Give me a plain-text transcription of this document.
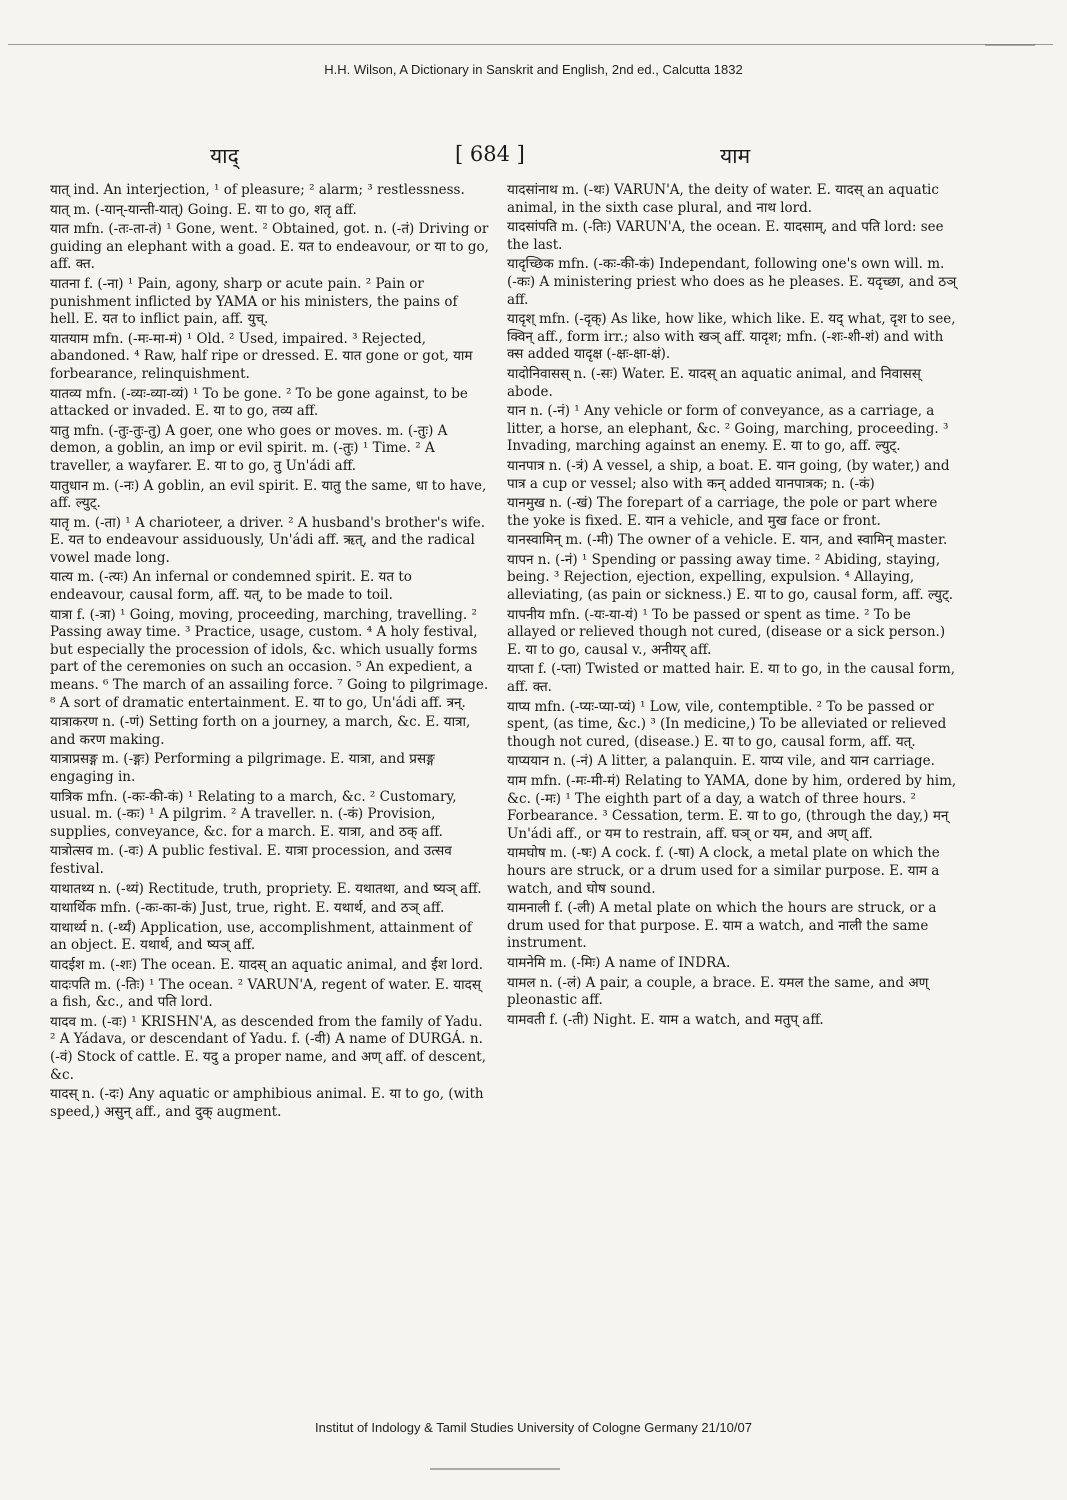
H.H. Wilson, A Dictionary in Sanskrit and English, 2nd ed., Calcutta 1832
याद्	[ 684 ]	याम
यात् ind. An interjection, ¹ of pleasure; ² alarm; ³ restlessness.
यात् m. (-यान्-यान्ती-यात्) Going. E. या to go, शतृ aff.
यात mfn. (-तः-ता-तं) ¹ Gone, went. ² Obtained, got. n. (-तं) Driving or guiding an elephant with a goad. E. यत to endeavour, or या to go, aff. क्त.
यातना f. (-ना) ¹ Pain, agony, sharp or acute pain. ² Pain or punishment inflicted by YAMA or his ministers, the pains of hell. E. यत to inflict pain, aff. युच्.
यातयाम mfn. (-मः-मा-मं) ¹ Old. ² Used, impaired. ³ Rejected, abandoned. ⁴ Raw, half ripe or dressed. E. यात gone or got, याम forbearance, relinquishment.
यातव्य mfn. (-व्यः-व्या-व्यं) ¹ To be gone. ² To be gone against, to be attacked or invaded. E. या to go, तव्य aff.
यातु mfn. (-तुः-तुः-तु) A goer, one who goes or moves. m. (-तुः) A demon, a goblin, an imp or evil spirit. m. (-तुः) ¹ Time. ² A traveller, a wayfarer. E. या to go, तु Un'ádi aff.
यातुधान m. (-नः) A goblin, an evil spirit. E. यातु the same, धा to have, aff. ल्युट्.
यातृ m. (-ता) ¹ A charioteer, a driver. ² A husband's brother's wife. E. यत to endeavour assiduously, Un'ádi aff. ऋत्, and the radical vowel made long.
यात्य m. (-त्यः) An infernal or condemned spirit. E. यत to endeavour, causal form, aff. यत्, to be made to toil.
यात्रा f. (-त्रा) ¹ Going, moving, proceeding, marching, travelling. ² Passing away time. ³ Practice, usage, custom. ⁴ A holy festival, but especially the procession of idols, &c. which usually forms part of the ceremonies on such an occasion. ⁵ An expedient, a means. ⁶ The march of an assailing force. ⁷ Going to pilgrimage. ⁸ A sort of dramatic entertainment. E. या to go, Un'ádi aff. त्रन्.
यात्राकरण n. (-णं) Setting forth on a journey, a march, &c. E. यात्रा, and करण making.
यात्राप्रसङ्ग m. (-ङ्गः) Performing a pilgrimage. E. यात्रा, and प्रसङ्ग engaging in.
यात्रिक mfn. (-कः-की-कं) ¹ Relating to a march, &c. ² Customary, usual. m. (-कः) ¹ A pilgrim. ² A traveller. n. (-कं) Provision, supplies, conveyance, &c. for a march. E. यात्रा, and ठक् aff.
यात्रोत्सव m. (-वः) A public festival. E. यात्रा procession, and उत्सव festival.
याथातथ्य n. (-थ्यं) Rectitude, truth, propriety. E. यथातथा, and ष्यञ् aff.
याथार्थिक mfn. (-कः-का-कं) Just, true, right. E. यथार्थ, and ठञ् aff.
याथार्थ्य n. (-र्थ्यं) Application, use, accomplishment, attainment of an object. E. यथार्थ, and ष्यञ् aff.
यादईश m. (-शः) The ocean. E. यादस् an aquatic animal, and ईश lord.
यादःपति m. (-तिः) ¹ The ocean. ² VARUN'A, regent of water. E. यादस् a fish, &c., and पति lord.
यादव m. (-वः) ¹ KRISHN'A, as descended from the family of Yadu. ² A Yádava, or descendant of Yadu. f. (-वी) A name of DURGÁ. n. (-वं) Stock of cattle. E. यदु a proper name, and अण् aff. of descent, &c.
यादस् n. (-दः) Any aquatic or amphibious animal. E. या to go, (with speed,) असुन् aff., and दुक् augment.
यादसांनाथ m. (-थः) VARUN'A, the deity of water. E. यादस् an aquatic animal, in the sixth case plural, and नाथ lord.
यादसांपति m. (-तिः) VARUN'A, the ocean. E. यादसाम्, and पति lord: see the last.
यादृच्छिक mfn. (-कः-की-कं) Independant, following one's own will. m. (-कः) A ministering priest who does as he pleases. E. यदृच्छा, and ठञ् aff.
यादृश् mfn. (-दृक्) As like, how like, which like. E. यद् what, दृश to see, क्विन् aff., form irr.; also with खञ् aff. यादृश; mfn. (-शः-शी-शं) and with क्स added यादृक्ष (-क्षः-क्षा-क्षं).
यादोनिवासस् n. (-सः) Water. E. यादस् an aquatic animal, and निवासस् abode.
यान n. (-नं) ¹ Any vehicle or form of conveyance, as a carriage, a litter, a horse, an elephant, &c. ² Going, marching, proceeding. ³ Invading, marching against an enemy. E. या to go, aff. ल्युट्.
यानपात्र n. (-त्रं) A vessel, a ship, a boat. E. यान going, (by water,) and पात्र a cup or vessel; also with कन् added यानपात्रक; n. (-कं)
यानमुख n. (-खं) The forepart of a carriage, the pole or part where the yoke is fixed. E. यान a vehicle, and मुख face or front.
यानस्वामिन् m. (-मी) The owner of a vehicle. E. यान, and स्वामिन् master.
यापन n. (-नं) ¹ Spending or passing away time. ² Abiding, staying, being. ³ Rejection, ejection, expelling, expulsion. ⁴ Allaying, alleviating, (as pain or sickness.) E. या to go, causal form, aff. ल्युट्.
यापनीय mfn. (-यः-या-यं) ¹ To be passed or spent as time. ² To be allayed or relieved though not cured, (disease or a sick person.) E. या to go, causal v., अनीयर् aff.
याप्ता f. (-प्ता) Twisted or matted hair. E. या to go, in the causal form, aff. क्त.
याप्य mfn. (-प्यः-प्या-प्यं) ¹ Low, vile, contemptible. ² To be passed or spent, (as time, &c.) ³ (In medicine,) To be alleviated or relieved though not cured, (disease.) E. या to go, causal form, aff. यत्.
याप्ययान n. (-नं) A litter, a palanquin. E. याप्य vile, and यान carriage.
याम mfn. (-मः-मी-मं) Relating to YAMA, done by him, ordered by him, &c. (-मः) ¹ The eighth part of a day, a watch of three hours. ² Forbearance. ³ Cessation, term. E. या to go, (through the day,) मन् Un'ádi aff., or यम to restrain, aff. घञ् or यम, and अण् aff.
यामघोष m. (-षः) A cock. f. (-षा) A clock, a metal plate on which the hours are struck, or a drum used for a similar purpose. E. याम a watch, and घोष sound.
यामनाली f. (-ली) A metal plate on which the hours are struck, or a drum used for that purpose. E. याम a watch, and नाली the same instrument.
यामनेमि m. (-मिः) A name of INDRA.
यामल n. (-लं) A pair, a couple, a brace. E. यमल the same, and अण् pleonastic aff.
यामवती f. (-ती) Night. E. याम a watch, and मतुप् aff.
Institut of Indology & Tamil Studies University of Cologne Germany 21/10/07
